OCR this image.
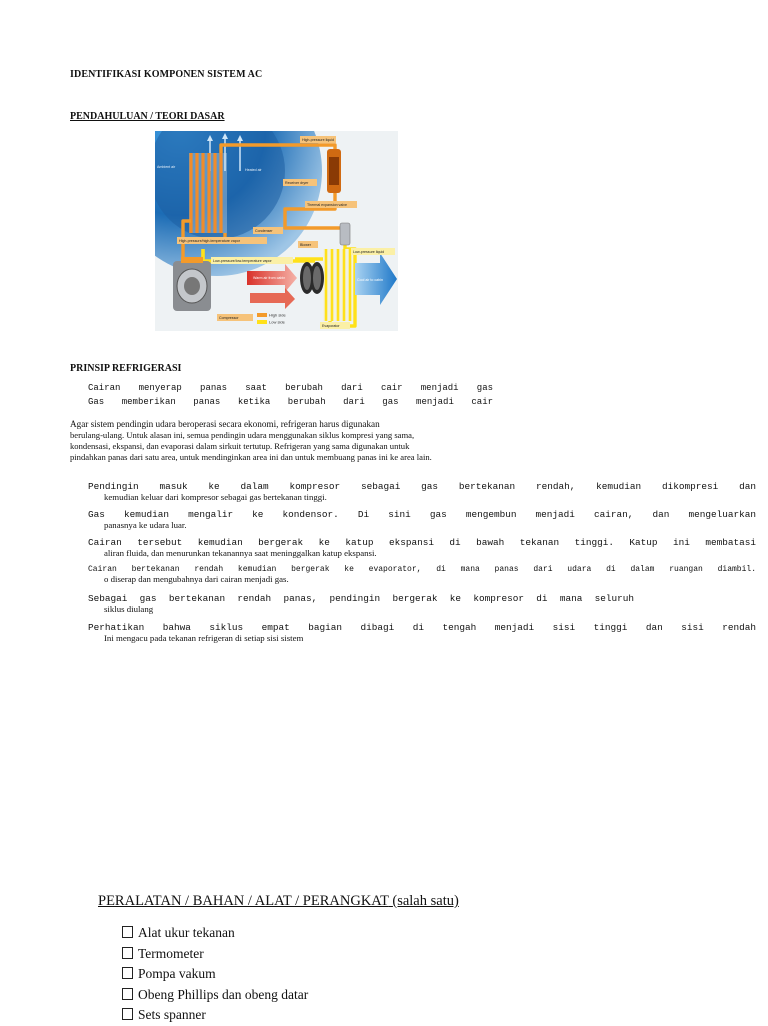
IDENTIFIKASI KOMPONEN SISTEM AC
PENDAHULUAN / TEORI DASAR
High side
Low side
High-pressure liquid
Receiver dryer
Thermal expansion valve
Condenser
High-pressure/high-temperature vapor
Low-pressure/low-temperature vapor
Blower
Low-pressure liquid
Warm air from cabin	Cool air to cabin
Compressor
Evaporator
Ambient air
Heated air
PRINSIP REFRIGERASI
Cairan menyerap panas saat berubah dari cair menjadi gas
Gas memberikan panas ketika berubah dari gas menjadi cair
Agar sistem pendingin udara beroperasi secara ekonomi, refrigeran harus digunakan
berulang-ulang. Untuk alasan ini, semua pendingin udara menggunakan siklus kompresi yang sama,
kondensasi, ekspansi, dan evaporasi dalam sirkuit tertutup. Refrigeran yang sama digunakan untuk
pindahkan panas dari satu area, untuk mendinginkan area ini dan untuk membuang panas ini ke area lain.
Pendingin masuk ke dalam kompresor sebagai gas bertekanan rendah, kemudian dikompresi dan
kemudian keluar dari kompresor sebagai gas bertekanan tinggi.
Gas kemudian mengalir ke kondensor. Di sini gas mengembun menjadi cairan, dan mengeluarkan
panasnya ke udara luar.
Cairan tersebut kemudian bergerak ke katup ekspansi di bawah tekanan tinggi. Katup ini membatasi
aliran fluida, dan menurunkan tekanannya saat meninggalkan katup ekspansi.
Cairan bertekanan rendah kemudian bergerak ke evaporator, di mana panas dari udara di dalam ruangan diambil.
o diserap dan mengubahnya dari cairan menjadi gas.
Sebagai gas bertekanan rendah panas, pendingin bergerak ke kompresor di mana seluruh
siklus diulang
Perhatikan bahwa siklus empat bagian dibagi di tengah menjadi sisi tinggi dan sisi rendah
Ini mengacu pada tekanan refrigeran di setiap sisi sistem
PERALATAN / BAHAN / ALAT / PERANGKAT (salah satu)
Alat ukur tekanan
Termometer
Pompa vakum
Obeng Phillips dan obeng datar
Sets spanner
